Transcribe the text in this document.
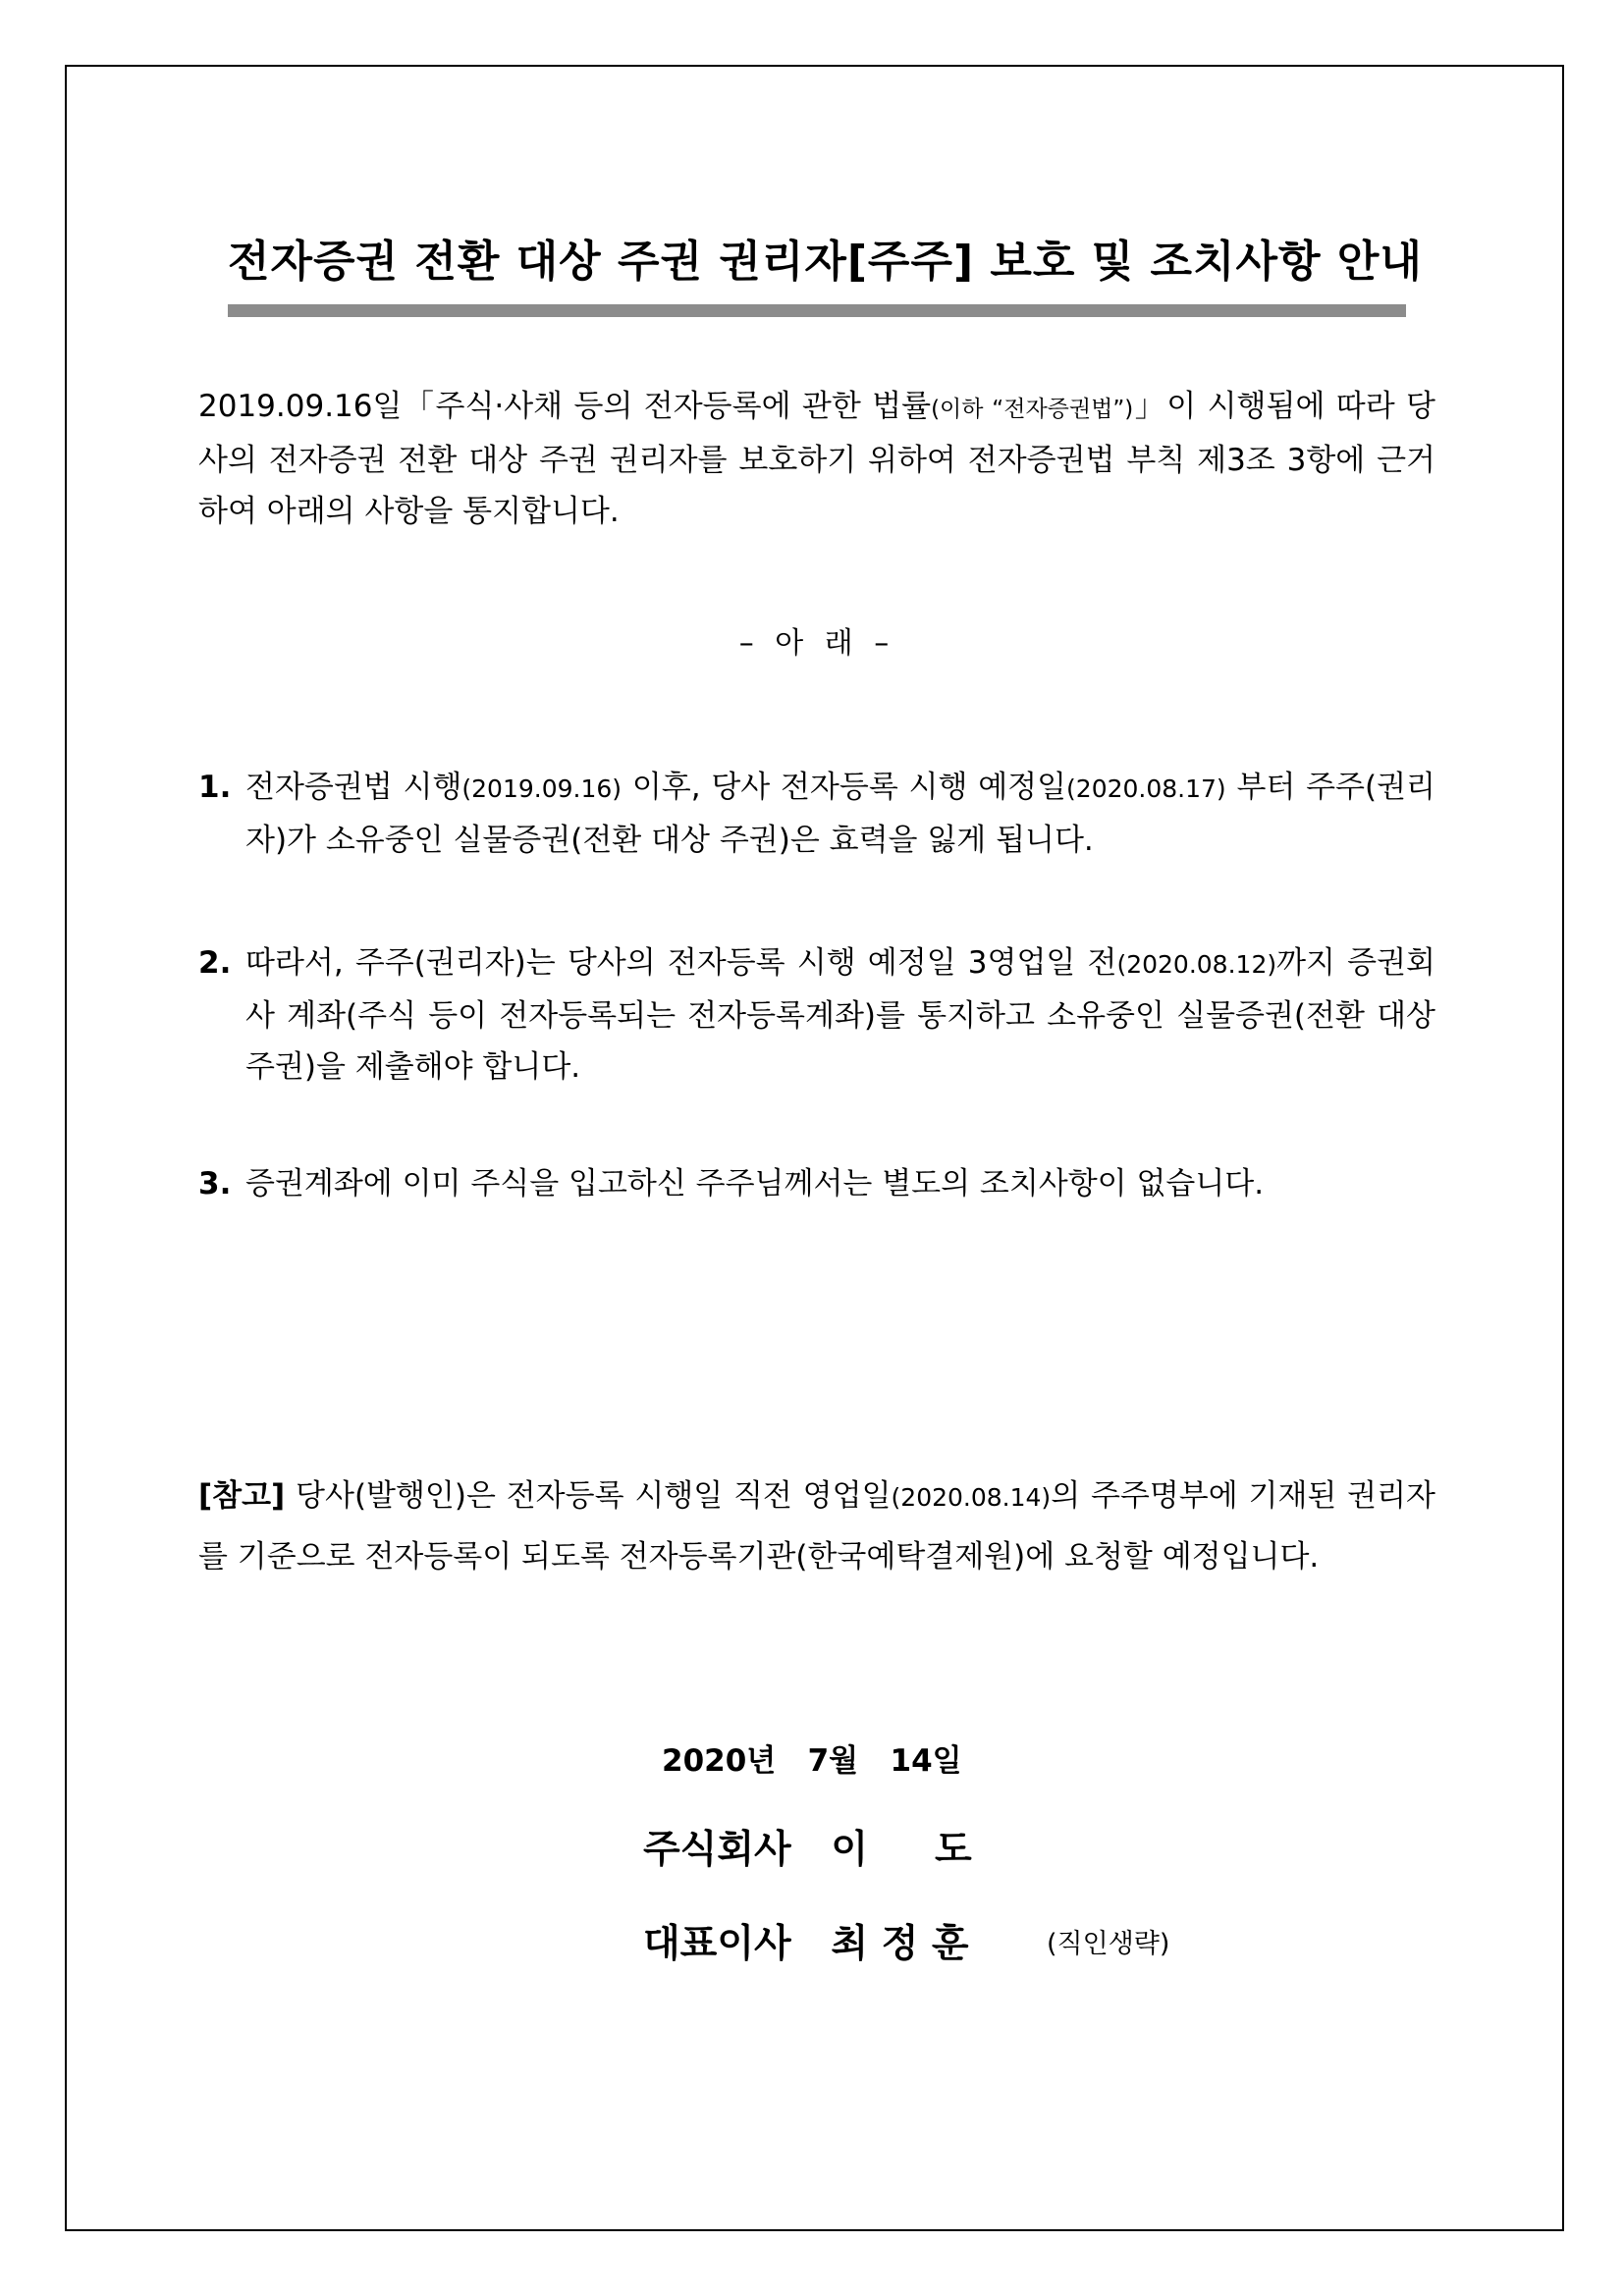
전자증권 전환 대상 주권 권리자[주주] 보호 및 조치사항 안내
2019.09.16일「주식·사채 등의 전자등록에 관한 법률(이하 “전자증권법”)」이 시행됨에 따라 당사의 전자증권 전환 대상 주권 권리자를 보호하기 위하여 전자증권법 부칙 제3조 3항에 근거하여 아래의 사항을 통지합니다.
– 아 래 –
1. 전자증권법 시행(2019.09.16) 이후, 당사 전자등록 시행 예정일(2020.08.17) 부터 주주(권리자)가 소유중인 실물증권(전환 대상 주권)은 효력을 잃게 됩니다.
2. 따라서, 주주(권리자)는 당사의 전자등록 시행 예정일 3영업일 전(2020.08.12)까지 증권회사 계좌(주식 등이 전자등록되는 전자등록계좌)를 통지하고 소유중인 실물증권(전환 대상 주권)을 제출해야 합니다.
3. 증권계좌에 이미 주식을 입고하신 주주님께서는 별도의 조치사항이 없습니다.
[참고] 당사(발행인)은 전자등록 시행일 직전 영업일(2020.08.14)의 주주명부에 기재된 권리자를 기준으로 전자등록이 되도록 전자등록기관(한국예탁결제원)에 요청할 예정입니다.
2020년   7월   14일
주식회사   이     도
대표이사   최 정 훈	(직인생략)
